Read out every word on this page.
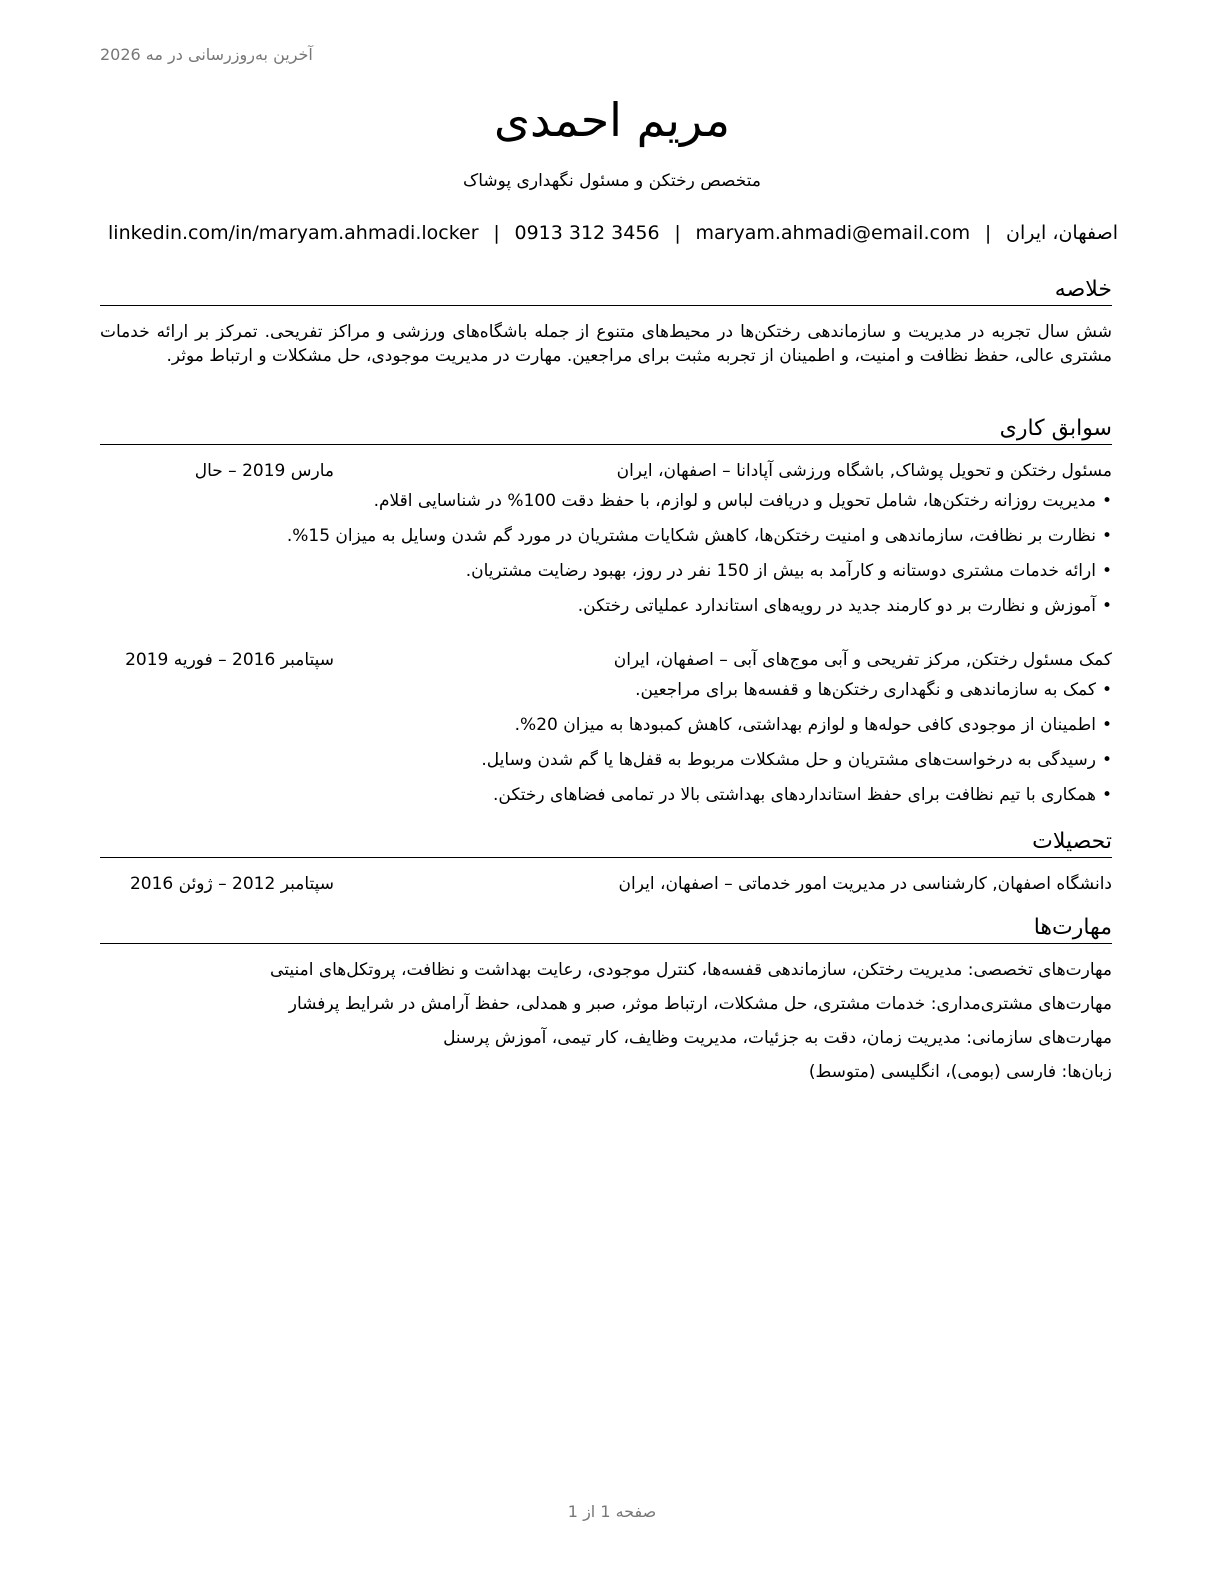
آخرین به‌روزرسانی در مه 2026
مریم احمدی
متخصص رختکن و مسئول نگهداری پوشاک
اصفهان، ایران
|
maryam.ahmadi@email.com
|
0913 312 3456
|
linkedin.com/in/maryam.ahmadi.locker
خلاصه
شش سال تجربه در مدیریت و سازماندهی رختکن‌ها در محیط‌های متنوع از جمله باشگاه‌های ورزشی و مراکز تفریحی. تمرکز بر ارائه خدمات مشتری عالی، حفظ نظافت و امنیت، و اطمینان از تجربه مثبت برای مراجعین. مهارت در مدیریت موجودی، حل مشکلات و ارتباط موثر.
سوابق کاری
مسئول رختکن و تحویل پوشاک, باشگاه ورزشی آپادانا – اصفهان، ایران
مارس 2019 – حال
•مدیریت روزانه رختکن‌ها، شامل تحویل و دریافت لباس و لوازم، با حفظ دقت 100% در شناسایی اقلام.
•نظارت بر نظافت، سازماندهی و امنیت رختکن‌ها، کاهش شکایات مشتریان در مورد گم شدن وسایل به میزان 15%.
•ارائه خدمات مشتری دوستانه و کارآمد به بیش از 150 نفر در روز، بهبود رضایت مشتریان.
•آموزش و نظارت بر دو کارمند جدید در رویه‌های استاندارد عملیاتی رختکن.
کمک مسئول رختکن, مرکز تفریحی و آبی موج‌های آبی – اصفهان، ایران
سپتامبر 2016 – فوریه 2019
•کمک به سازماندهی و نگهداری رختکن‌ها و قفسه‌ها برای مراجعین.
•اطمینان از موجودی کافی حوله‌ها و لوازم بهداشتی، کاهش کمبودها به میزان 20%.
•رسیدگی به درخواست‌های مشتریان و حل مشکلات مربوط به قفل‌ها یا گم شدن وسایل.
•همکاری با تیم نظافت برای حفظ استانداردهای بهداشتی بالا در تمامی فضاهای رختکن.
تحصیلات
دانشگاه اصفهان, کارشناسی در مدیریت امور خدماتی – اصفهان، ایران
سپتامبر 2012 – ژوئن 2016
مهارت‌ها
مهارت‌های تخصصی: مدیریت رختکن، سازماندهی قفسه‌ها، کنترل موجودی، رعایت بهداشت و نظافت، پروتکل‌های امنیتی
مهارت‌های مشتری‌مداری: خدمات مشتری، حل مشکلات، ارتباط موثر، صبر و همدلی، حفظ آرامش در شرایط پرفشار
مهارت‌های سازمانی: مدیریت زمان، دقت به جزئیات، مدیریت وظایف، کار تیمی، آموزش پرسنل
زبان‌ها: فارسی (بومی)، انگلیسی (متوسط)
صفحه 1 از 1
